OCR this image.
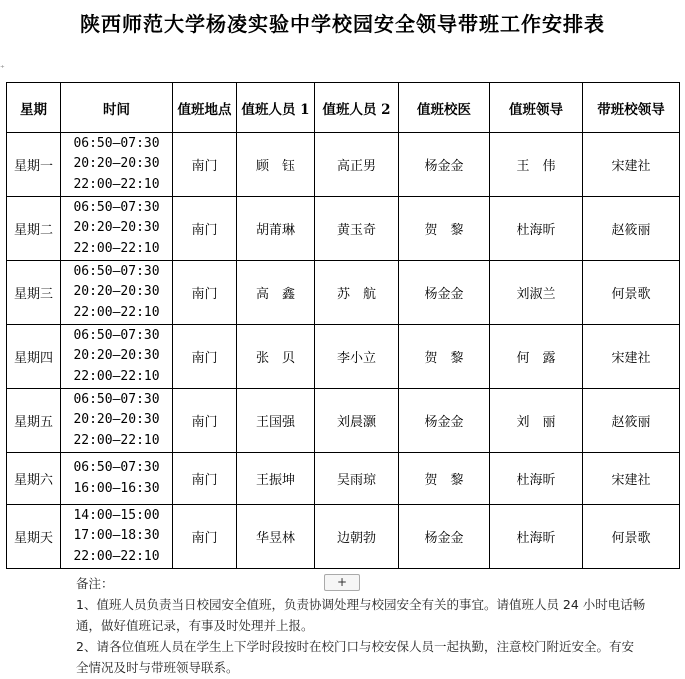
陕西师范大学杨凌实验中学校园安全领导带班工作安排表
⁺
星期	时间	值班地点	值班人员 1	值班人员 2	值班校医	值班领导	带班校领导
星期一	06:50—07:30
20:20—20:30
22:00—22:10	南门	顾　钰	高正男	杨金金	王　伟	宋建社
星期二	06:50—07:30
20:20—20:30
22:00—22:10	南门	胡莆琳	黄玉奇	贺　黎	杜海昕	赵筱丽
星期三	06:50—07:30
20:20—20:30
22:00—22:10	南门	高　鑫	苏　航	杨金金	刘淑兰	何景歌
星期四	06:50—07:30
20:20—20:30
22:00—22:10	南门	张　贝	李小立	贺　黎	何　露	宋建社
星期五	06:50—07:30
20:20—20:30
22:00—22:10	南门	王国强	刘晨灏	杨金金	刘　丽	赵筱丽
星期六	06:50—07:30
16:00—16:30	南门	王振坤	吴雨琼	贺　黎	杜海昕	宋建社
星期天	14:00—15:00
17:00—18:30
22:00—22:10	南门	华昱林	边朝勃	杨金金	杜海昕	何景歌
+
备注：
1、值班人员负责当日校园安全值班，负责协调处理与校园安全有关的事宜。请值班人员 24 小时电话畅通，做好值班记录，有事及时处理并上报。
2、请各位值班人员在学生上下学时段按时在校门口与校安保人员一起执勤，注意校门附近安全。有安全情况及时与带班领导联系。
